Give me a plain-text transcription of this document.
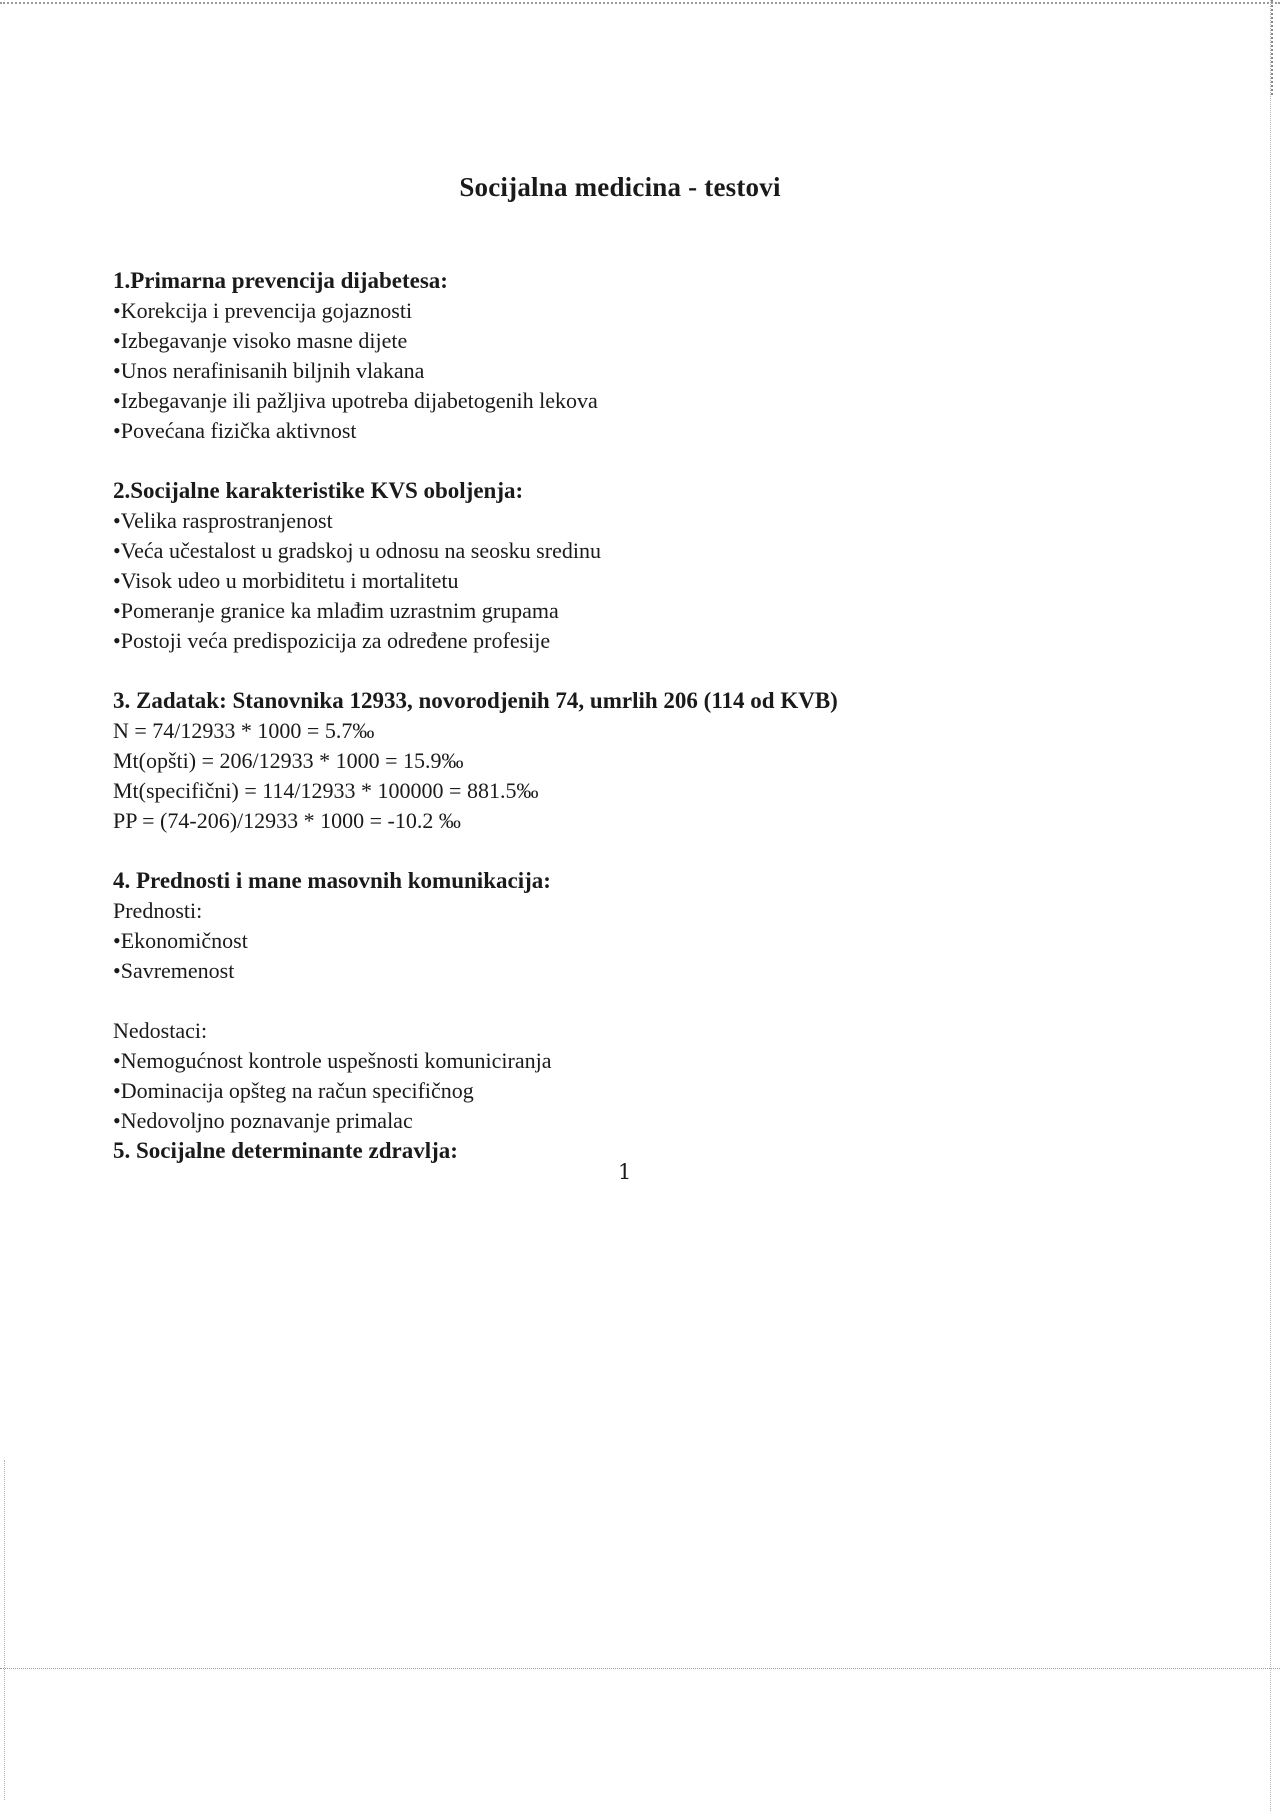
Socijalna medicina - testovi

1.Primarna prevencija dijabetesa:

• Korekcija i prevencija gojaznosti

• Izbegavanje visoko masne dijete

• Unos nerafinisanih biljnih vlakana

• Izbegavanje ili pažljiva upotreba dijabetogenih lekova

• Povećana fizička aktivnost

2.Socijalne karakteristike KVS oboljenja:

• Velika rasprostranjenost

• Veća učestalost u gradskoj u odnosu na seosku sredinu

• Visok udeo u morbiditetu i mortalitetu

• Pomeranje granice ka mlađim uzrastnim grupama

• Postoji veća predispozicija za određene profesije

3. Zadatak: Stanovnika 12933, novorodjenih 74, umrlih 206 (114 od KVB)

N = 74/12933 * 1000 = 5.7‰

Mt(opšti) = 206/12933 * 1000 = 15.9‰

Mt(specifični) = 114/12933 * 100000 = 881.5‰

PP = (74-206)/12933 * 1000 = -10.2 ‰

4. Prednosti i mane masovnih komunikacija:

Prednosti:

• Ekonomičnost

• Savremenost

Nedostaci:

• Nemogućnost kontrole uspešnosti komuniciranja

• Dominacija opšteg na račun specifičnog

• Nedovoljno poznavanje primalac

5. Socijalne determinante zdravlja:

1
